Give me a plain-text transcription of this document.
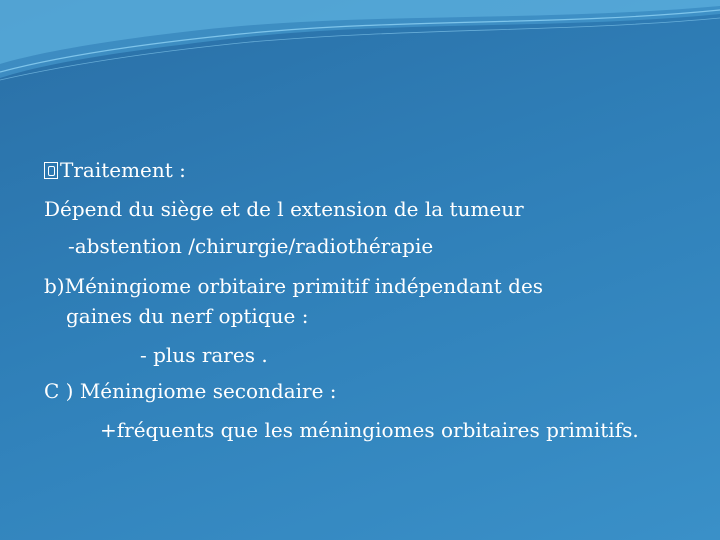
Traitement :
Dépend du siège et de l extension de la tumeur
-abstention /chirurgie/radiothérapie
b)Méningiome orbitaire primitif indépendant des
gaines du nerf optique :
- plus rares .
C ) Méningiome secondaire :
+fréquents que les méningiomes orbitaires primitifs.
